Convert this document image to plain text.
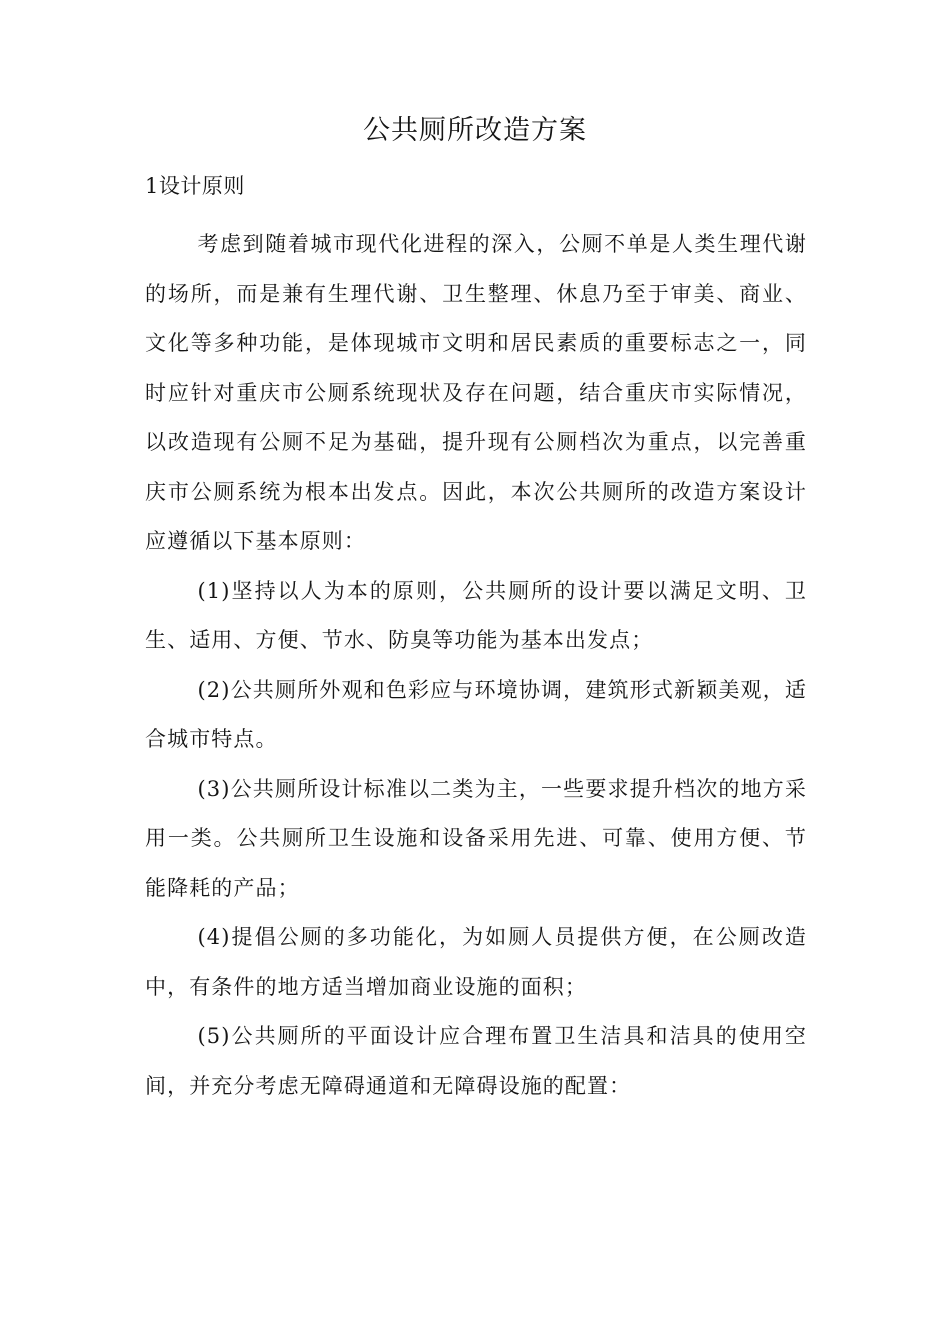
公共厕所改造方案
1设计原则

考虑到随着城市现代化进程的深入，公厕不单是人类生理代谢的场所，而是兼有生理代谢、卫生整理、休息乃至于审美、商业、文化等多种功能，是体现城市文明和居民素质的重要标志之一，同时应针对重庆市公厕系统现状及存在问题，结合重庆市实际情况，以改造现有公厕不足为基础，提升现有公厕档次为重点，以完善重庆市公厕系统为根本出发点。因此，本次公共厕所的改造方案设计应遵循以下基本原则：

(1)坚持以人为本的原则，公共厕所的设计要以满足文明、卫生、适用、方便、节水、防臭等功能为基本出发点；

(2)公共厕所外观和色彩应与环境协调，建筑形式新颖美观，适合城市特点。

(3)公共厕所设计标准以二类为主，一些要求提升档次的地方采用一类。公共厕所卫生设施和设备采用先进、可靠、使用方便、节能降耗的产品；

(4)提倡公厕的多功能化，为如厕人员提供方便，在公厕改造中，有条件的地方适当增加商业设施的面积；

(5)公共厕所的平面设计应合理布置卫生洁具和洁具的使用空间，并充分考虑无障碍通道和无障碍设施的配置：
